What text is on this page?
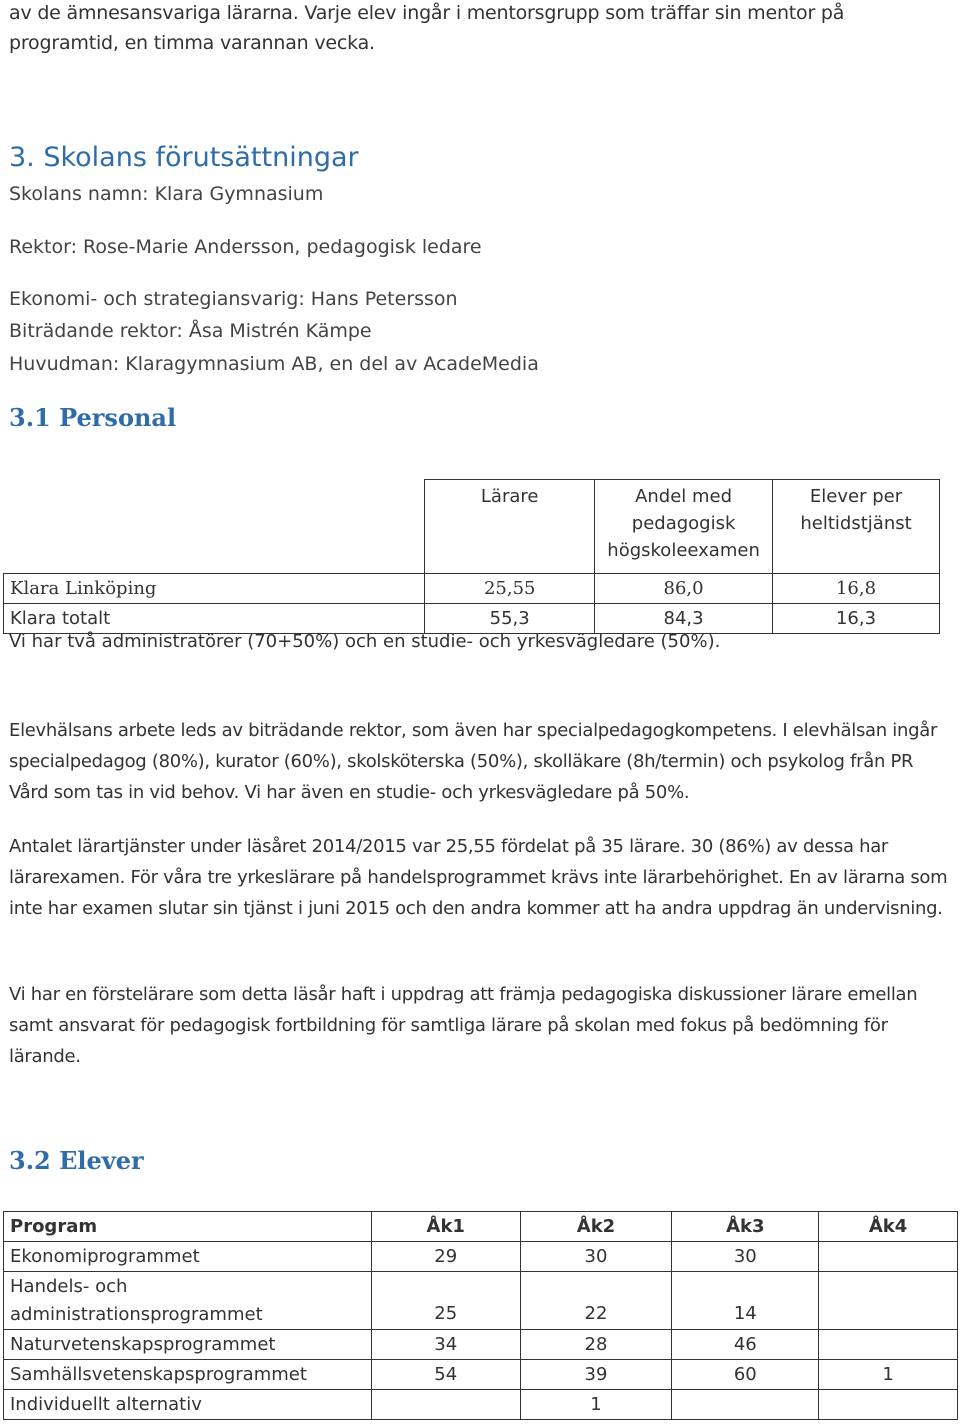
av de ämnesansvariga lärarna. Varje elev ingår i mentorsgrupp som träffar sin mentor på
programtid, en timma varannan vecka.
3. Skolans förutsättningar
Skolans namn: Klara Gymnasium
Rektor: Rose-Marie Andersson, pedagogisk ledare
Ekonomi- och strategiansvarig: Hans Petersson
Biträdande rektor: Åsa Mistrén Kämpe
Huvudman: Klaragymnasium AB, en del av AcadeMedia
3.1 Personal
	Lärare	Andel med pedagogisk högskoleexamen	Elever per heltidstjänst
Klara Linköping	25,55	86,0	16,8
Klara totalt	55,3	84,3	16,3
Vi har två administratörer (70+50%) och en studie- och yrkesvägledare (50%).

Elevhälsans arbete leds av biträdande rektor, som även har specialpedagogkompetens. I elevhälsan ingår specialpedagog (80%), kurator (60%), skolsköterska (50%), skolläkare (8h/termin) och psykolog från PR Vård som tas in vid behov. Vi har även en studie- och yrkesvägledare på 50%.

Antalet lärartjänster under läsåret 2014/2015 var 25,55 fördelat på 35 lärare. 30 (86%) av dessa har lärarexamen. För våra tre yrkeslärare på handelsprogrammet krävs inte lärarbehörighet. En av lärarna som inte har examen slutar sin tjänst i juni 2015 och den andra kommer att ha andra uppdrag än undervisning.

Vi har en förstelärare som detta läsår haft i uppdrag att främja pedagogiska diskussioner lärare emellan samt ansvarat för pedagogisk fortbildning för samtliga lärare på skolan med fokus på bedömning för lärande.

3.2 Elever
Program	Åk1	Åk2	Åk3	Åk4
Ekonomiprogrammet	29	30	30	
Handels- och administrationsprogrammet	25	22	14	
Naturvetenskapsprogrammet	34	28	46	
Samhällsvetenskapsprogrammet	54	39	60	1
Individuellt alternativ		1		
